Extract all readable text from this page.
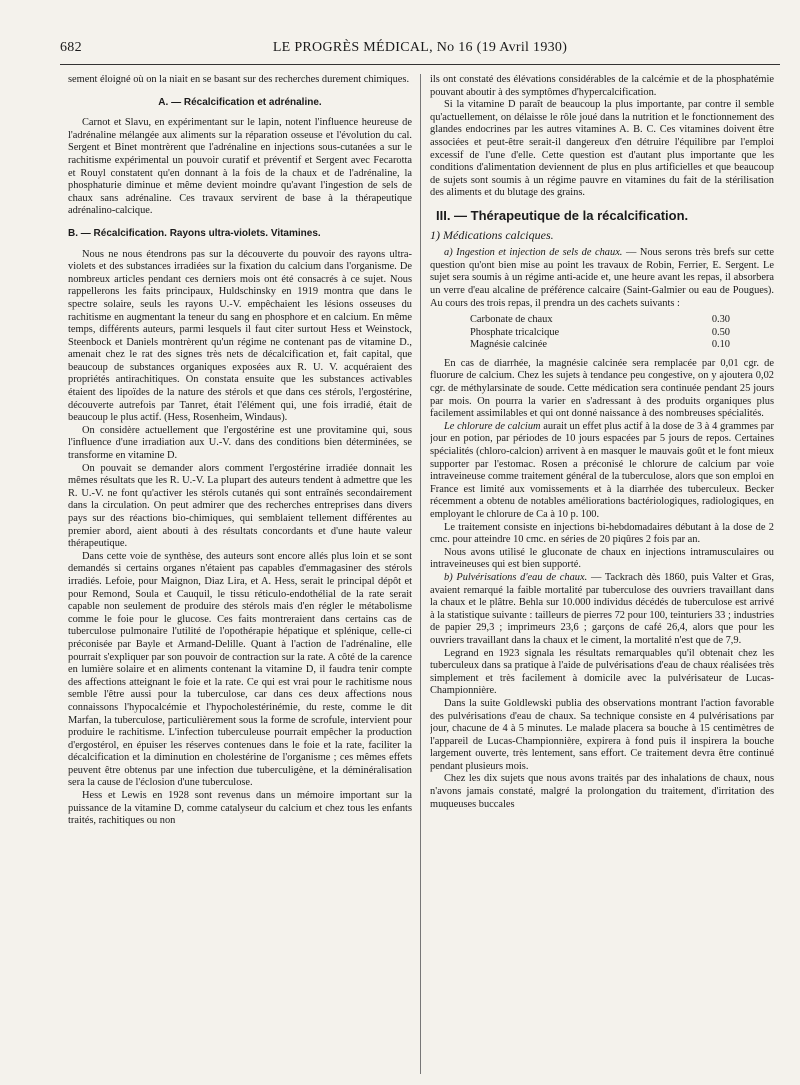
682	LE PROGRÈS MÉDICAL, No 16 (19 Avril 1930)

sement éloigné où on la niait en se basant sur des recherches durement chimiques.

A. — Récalcification et adrénaline.

Carnot et Slavu, en expérimentant sur le lapin, notent l'influence heureuse de l'adrénaline mélangée aux aliments sur la réparation osseuse et l'évolution du cal. Sergent et Binet montrèrent que l'adrénaline en injections sous-cutanées a sur le rachitisme expérimental un pouvoir curatif et préventif et Sergent avec Fecarotta et Rouyl constatent qu'en donnant à la fois de la chaux et de l'adrénaline, la phosphaturie diminue et même devient moindre qu'avant l'ingestion de sels de chaux sans adrénaline. Ces travaux servirent de base à la thérapeutique adrénalino-calcique.

B. — Récalcification. Rayons ultra-violets. Vitamines.

Nous ne nous étendrons pas sur la découverte du pouvoir des rayons ultra-violets et des substances irradiées sur la fixation du calcium dans l'organisme. De nombreux articles pendant ces derniers mois ont été consacrés à ce sujet. Nous rappellerons les faits principaux, Huldschinsky en 1919 montra que dans le spectre solaire, seuls les rayons U.-V. empêchaient les lésions osseuses du rachitisme en augmentant la teneur du sang en phosphore et en calcium. En même temps, différents auteurs, parmi lesquels il faut citer surtout Hess et Weinstock, Steenbock et Daniels montrèrent qu'un régime ne contenant pas de vitamine D., amenait chez le rat des signes très nets de décalcification et, fait capital, que beaucoup de substances organiques exposées aux R. U. V. acquéraient des propriétés antirachitiques. On constata ensuite que les substances activables étaient des lipoïdes de la nature des stérols et que dans ces stérols, l'ergostérine, découverte autrefois par Tanret, était l'élément qui, une fois irradié, était de beaucoup le plus actif. (Hess, Rosenheim, Windaus).

On considère actuellement que l'ergostérine est une provitamine qui, sous l'influence d'une irradiation aux U.-V. dans des conditions bien déterminées, se transforme en vitamine D.

On pouvait se demander alors comment l'ergostérine irradiée donnait les mêmes résultats que les R. U.-V. La plupart des auteurs tendent à admettre que les R. U.-V. ne font qu'activer les stérols cutanés qui sont entraînés secondairement dans la circulation. On peut admirer que des recherches entreprises dans divers pays sur des réactions bio-chimiques, qui semblaient tellement différentes au premier abord, aient abouti à des résultats concordants et d'une haute valeur thérapeutique.

Dans cette voie de synthèse, des auteurs sont encore allés plus loin et se sont demandés si certains organes n'étaient pas capables d'emmagasiner des stérols irradiés. Lefoie, pour Maignon, Diaz Lira, et A. Hess, serait le principal dépôt et pour Remond, Soula et Cauquil, le tissu réticulo-endothélial de la rate serait capable non seulement de produire des stérols mais d'en régler le métabolisme comme le foie pour le glucose. Ces faits montreraient dans certains cas de tuberculose pulmonaire l'utilité de l'opothérapie hépatique et splénique, celle-ci préconisée par Bayle et Armand-Delille. Quant à l'action de l'adrénaline, elle pourrait s'expliquer par son pouvoir de contraction sur la rate. A côté de la carence en lumière solaire et en aliments contenant la vitamine D, il faudra tenir compte des affections atteignant le foie et la rate. Ce qui est vrai pour le rachitisme nous semble l'être aussi pour la tuberculose, car dans ces deux affections nous connaissons l'hypocalcémie et l'hypocholestérinémie, du reste, comme le dit Marfan, la tuberculose, particulièrement sous la forme de scrofule, intervient pour produire le rachitisme. L'infection tuberculeuse pourrait empêcher la production d'ergostérol, en épuiser les réserves contenues dans le foie et la rate, faciliter la décalcification et la diminution en cholestérine de l'organisme ; ces mêmes effets peuvent être obtenus par une infection due tuberculigène, et la déminéralisation sera la cause de l'éclosion d'une tuberculose.

Hess et Lewis en 1928 sont revenus dans un mémoire important sur la puissance de la vitamine D, comme catalyseur du calcium et chez tous les enfants traités, rachitiques ou non

ils ont constaté des élévations considérables de la calcémie et de la phosphatémie pouvant aboutir à des symptômes d'hypercalcification.

Si la vitamine D paraît de beaucoup la plus importante, par contre il semble qu'actuellement, on délaisse le rôle joué dans la nutrition et le fonctionnement des glandes endocrines par les autres vitamines A. B. C. Ces vitamines doivent être associées et peut-être serait-il dangereux d'en détruire l'équilibre par l'emploi excessif de l'une d'elle. Cette question est d'autant plus importante que les conditions d'alimentation deviennent de plus en plus artificielles et que beaucoup de sujets sont soumis à un régime pauvre en vitamines du fait de la stérilisation des aliments et du blutage des grains.

III. — Thérapeutique de la récalcification.
1) Médications calciques.

a) Ingestion et injection de sels de chaux. — Nous serons très brefs sur cette question qu'ont bien mise au point les travaux de Robin, Ferrier, E. Sergent. Le sujet sera soumis à un régime anti-acide et, une heure avant les repas, il absorbera un verre d'eau alcaline de préférence calcaire (Saint-Galmier ou eau de Pougues). Au cours des trois repas, il prendra un des cachets suivants :

Carbonate de chaux	0.30
Phosphate tricalcique	0.50
Magnésie calcinée	0.10

En cas de diarrhée, la magnésie calcinée sera remplacée par 0,01 cgr. de fluorure de calcium. Chez les sujets à tendance peu congestive, on y ajoutera 0,02 cgr. de méthylarsinate de soude. Cette médication sera continuée pendant 25 jours par mois. On pourra la varier en s'adressant à des produits organiques plus facilement assimilables et qui ont donné naissance à des nombreuses spécialités.

Le chlorure de calcium aurait un effet plus actif à la dose de 3 à 4 grammes par jour en potion, par périodes de 10 jours espacées par 5 jours de repos. Certaines spécialités (chloro-calcion) arrivent à en masquer le mauvais goût et le font mieux supporter par l'estomac. Rosen a préconisé le chlorure de calcium par voie intraveineuse comme traitement général de la tuberculose, alors que son emploi en France est limité aux vomissements et à la diarrhée des tuberculeux. Becker récemment a obtenu de notables améliorations bactériologiques, radiologiques, en employant le chlorure de Ca à 10 p. 100.

Le traitement consiste en injections bi-hebdomadaires débutant à la dose de 2 cmc. pour atteindre 10 cmc. en séries de 20 piqûres 2 fois par an.

Nous avons utilisé le gluconate de chaux en injections intramusculaires ou intraveineuses qui est bien supporté.

b) Pulvérisations d'eau de chaux. — Tackrach dès 1860, puis Valter et Gras, avaient remarqué la faible mortalité par tuberculose des ouvriers travaillant dans la chaux et le plâtre. Behla sur 10.000 individus décédés de tuberculose est arrivé à la statistique suivante : tailleurs de pierres 72 pour 100, teinturiers 33 ; industries de papier 29,3 ; imprimeurs 23,6 ; garçons de café 26,4, alors que pour les ouvriers travaillant dans la chaux et le ciment, la mortalité n'est que de 7,9.

Legrand en 1923 signala les résultats remarquables qu'il obtenait chez les tuberculeux dans sa pratique à l'aide de pulvérisations d'eau de chaux réalisées très simplement et très facilement à domicile avec la pulvérisateur de Lucas-Championnière.

Dans la suite Goldlewski publia des observations montrant l'action favorable des pulvérisations d'eau de chaux. Sa technique consiste en 4 pulvérisations par jour, chacune de 4 à 5 minutes. Le malade placera sa bouche à 15 centimètres de l'appareil de Lucas-Championnière, expirera à fond puis il inspirera la bouche largement ouverte, très lentement, sans effort. Ce traitement devra être continué pendant plusieurs mois.

Chez les dix sujets que nous avons traités par des inhalations de chaux, nous n'avons jamais constaté, malgré la prolongation du traitement, d'irritation des muqueuses buccales
